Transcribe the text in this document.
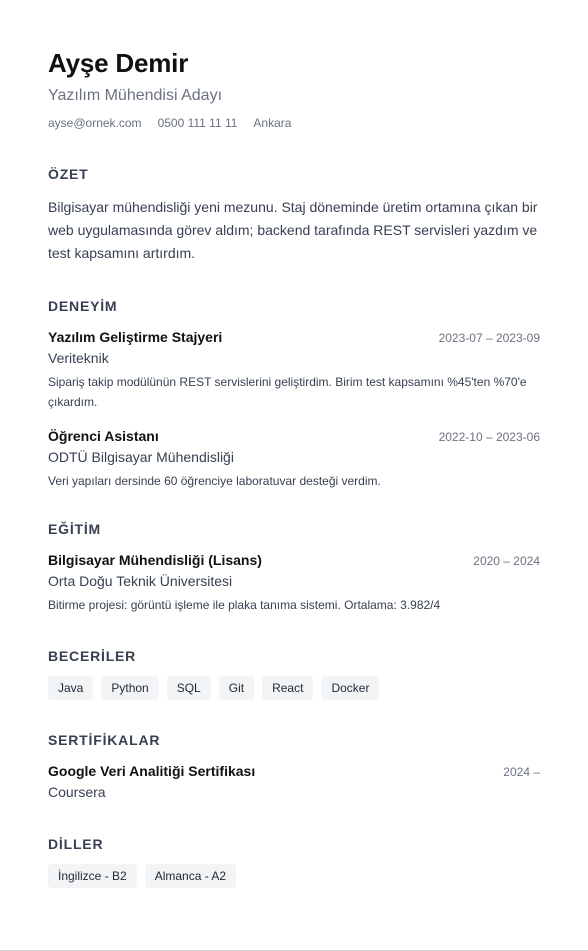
Ayşe Demir
Yazılım Mühendisi Adayı
ayse@ornek.com 0500 111 11 11 Ankara
ÖZET
Bilgisayar mühendisliği yeni mezunu. Staj döneminde üretim ortamına çıkan bir web uygulamasında görev aldım; backend tarafında REST servisleri yazdım ve test kapsamını artırdım.
DENEYİM
Yazılım Geliştirme Stajyeri	2023-07 – 2023-09
Veriteknik
Sipariş takip modülünün REST servislerini geliştirdim. Birim test kapsamını %45'ten %70'e çıkardım.
Öğrenci Asistanı	2022-10 – 2023-06
ODTÜ Bilgisayar Mühendisliği
Veri yapıları dersinde 60 öğrenciye laboratuvar desteği verdim.
EĞİTİM
Bilgisayar Mühendisliği (Lisans)	2020 – 2024
Orta Doğu Teknik Üniversitesi
Bitirme projesi: görüntü işleme ile plaka tanıma sistemi. Ortalama: 3.982/4
BECERİLER
Java	Python	SQL	Git	React	Docker
SERTİFİKALAR
Google Veri Analitiği Sertifikası	2024 –
Coursera
DİLLER
İngilizce - B2	Almanca - A2
